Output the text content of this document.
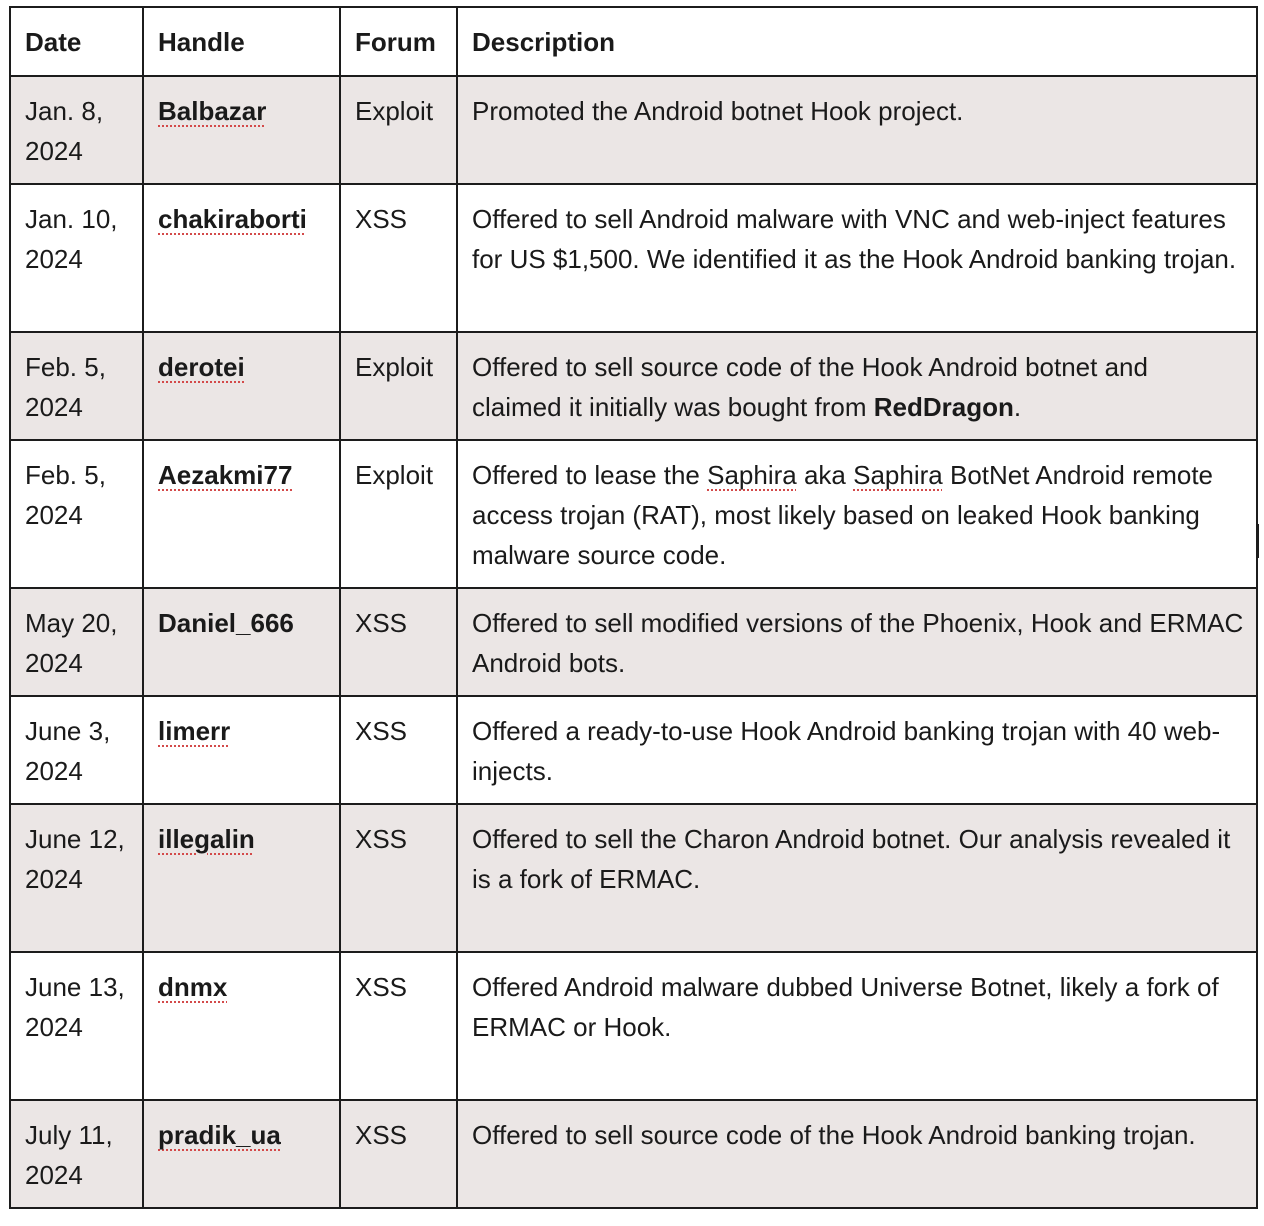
Date	Handle	Forum	Description
Jan. 8, 2024	Balbazar	Exploit	Promoted the Android botnet Hook project.
Jan. 10, 2024	chakiraborti	XSS	Offered to sell Android malware with VNC and web-inject features for US $1,500. We identified it as the Hook Android banking trojan.
Feb. 5, 2024	derotei	Exploit	Offered to sell source code of the Hook Android botnet and claimed it initially was bought from RedDragon.
Feb. 5, 2024	Aezakmi77	Exploit	Offered to lease the Saphira aka Saphira BotNet Android remote access trojan (RAT), most likely based on leaked Hook banking malware source code.
May 20, 2024	Daniel_666	XSS	Offered to sell modified versions of the Phoenix, Hook and ERMAC Android bots.
June 3, 2024	limerr	XSS	Offered a ready-to-use Hook Android banking trojan with 40 web-injects.
June 12, 2024	illegalin	XSS	Offered to sell the Charon Android botnet. Our analysis revealed it is a fork of ERMAC.
June 13, 2024	dnmx	XSS	Offered Android malware dubbed Universe Botnet, likely a fork of ERMAC or Hook.
July 11, 2024	pradik_ua	XSS	Offered to sell source code of the Hook Android banking trojan.
